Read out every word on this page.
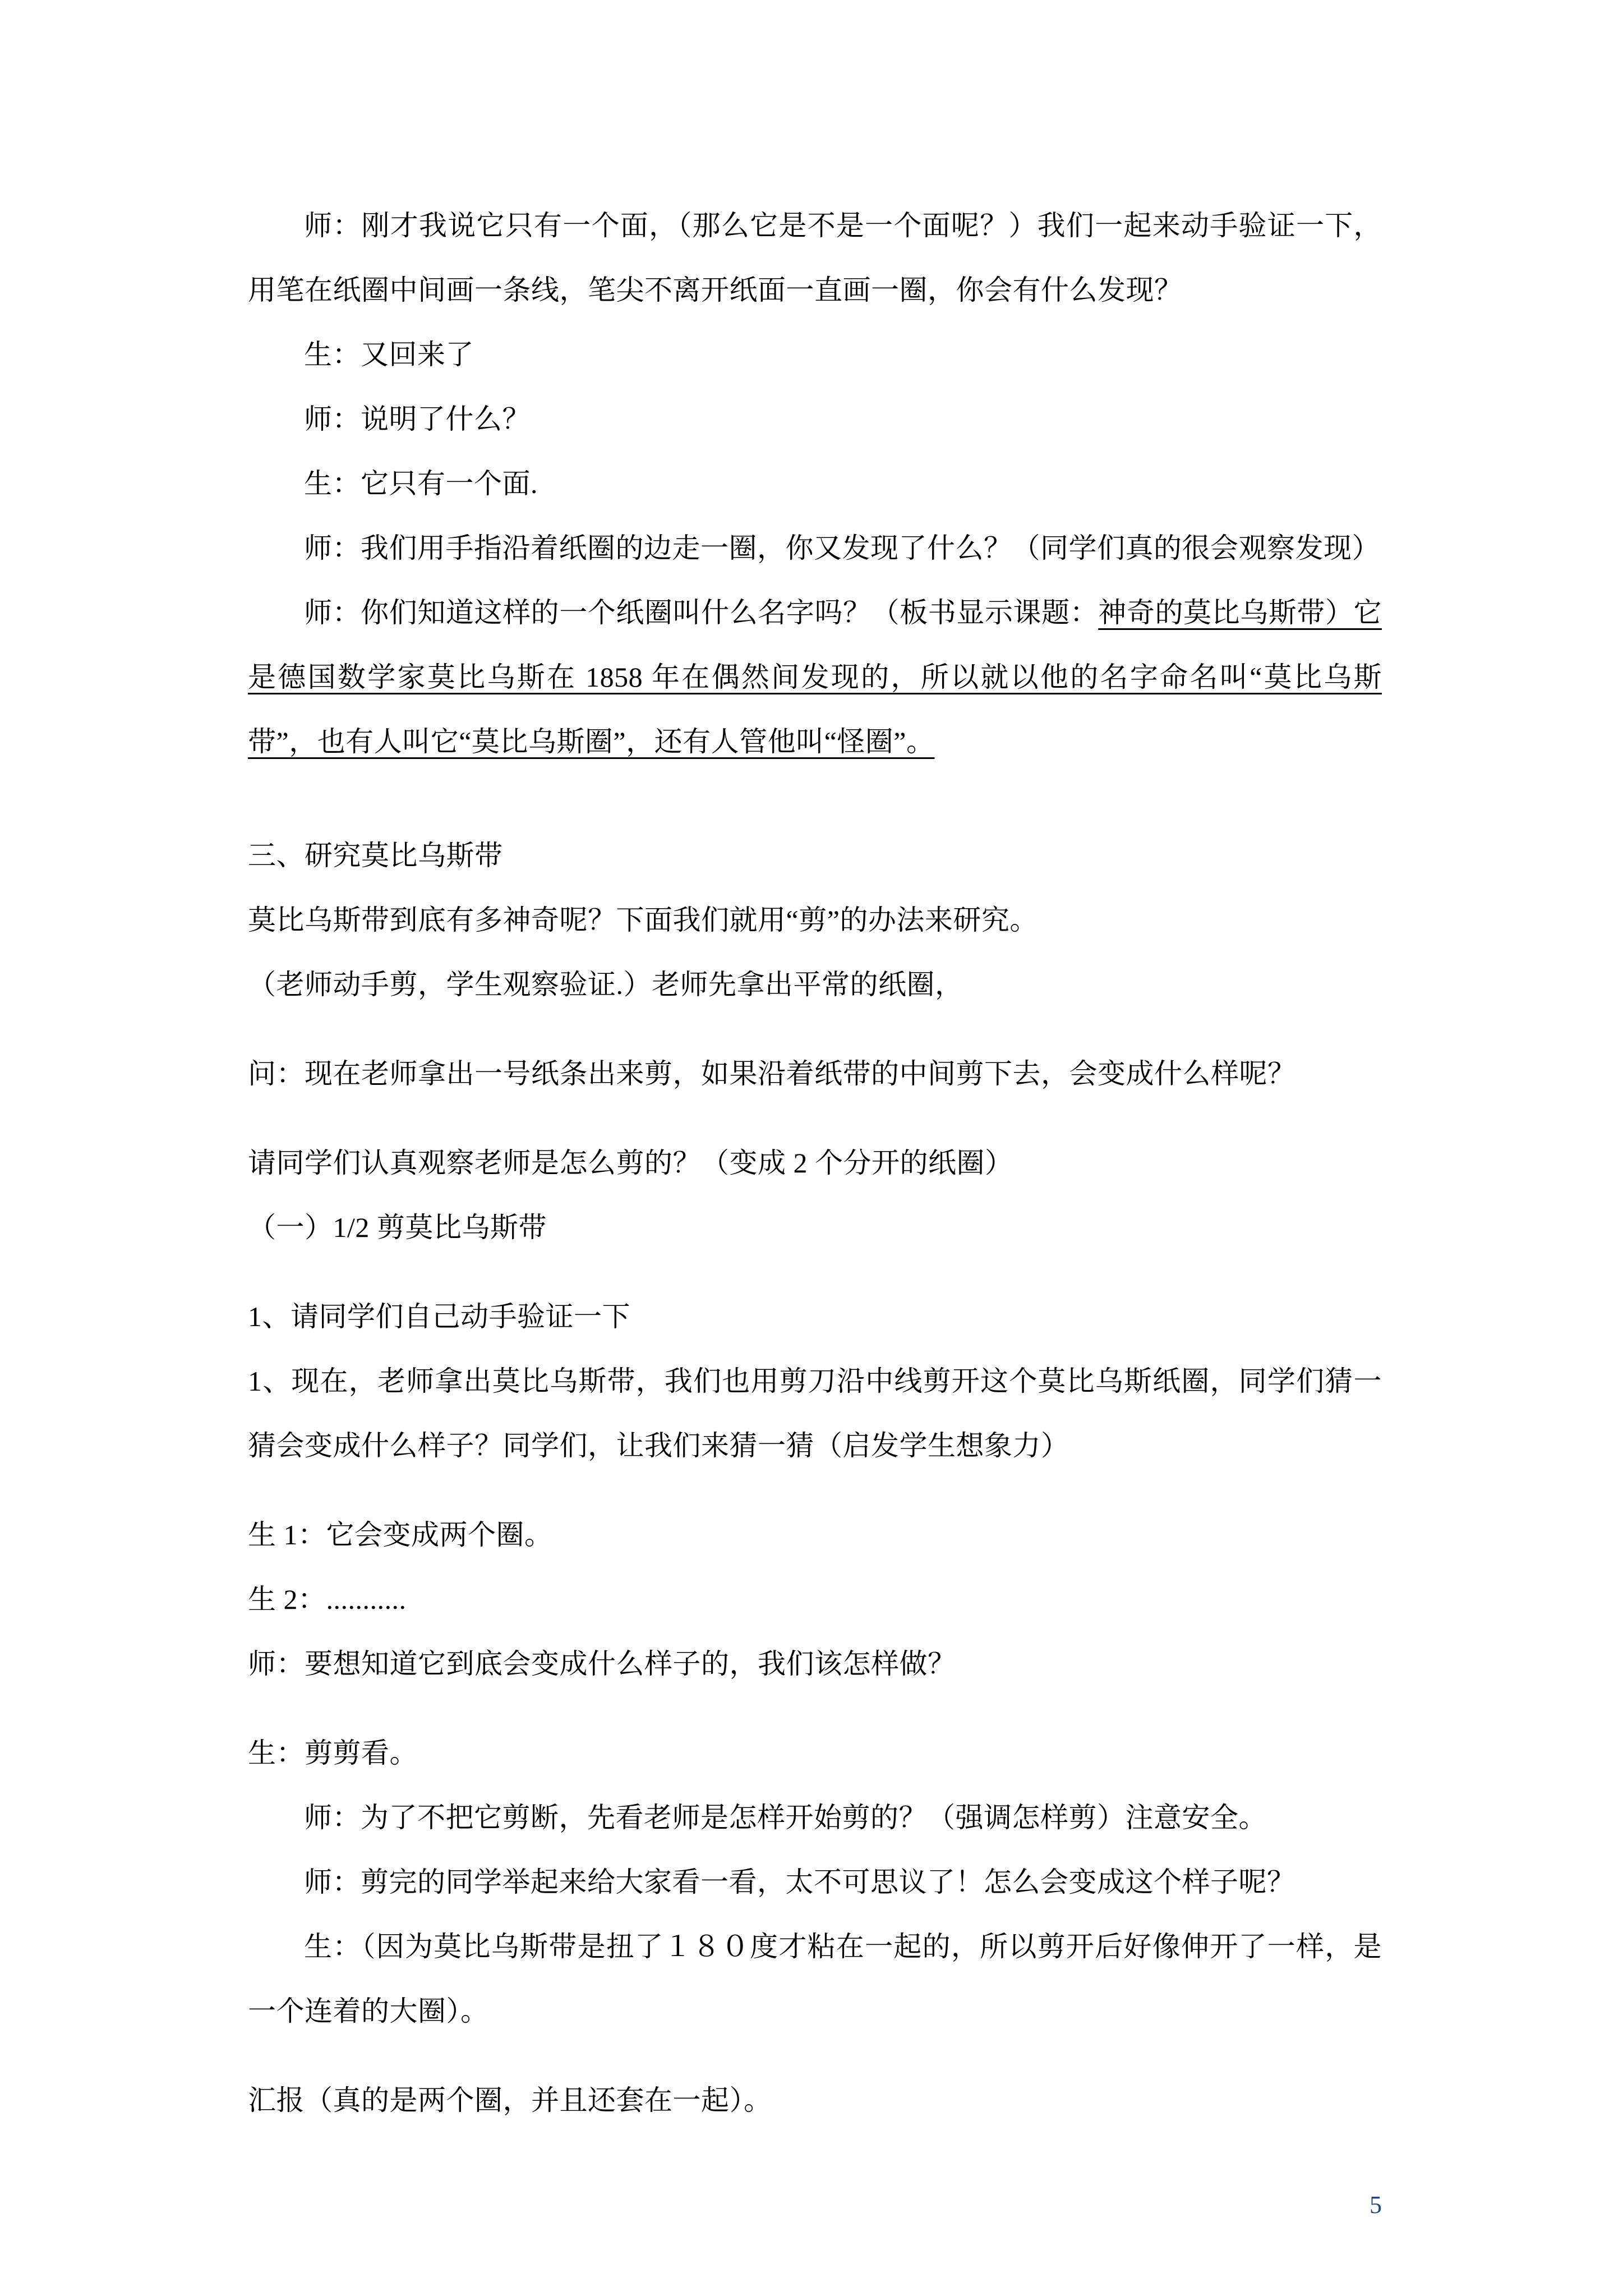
师：刚才我说它只有一个面，（那么它是不是一个面呢？）我们一起来动手验证一下，用笔在纸圈中间画一条线，笔尖不离开纸面一直画一圈，你会有什么发现？

生：又回来了

师：说明了什么？

生：它只有一个面.

师：我们用手指沿着纸圈的边走一圈，你又发现了什么？（同学们真的很会观察发现）

师：你们知道这样的一个纸圈叫什么名字吗？（板书显示课题：神奇的莫比乌斯带）它是德国数学家莫比乌斯在 1858 年在偶然间发现的，所以就以他的名字命名叫“莫比乌斯带”，也有人叫它“莫比乌斯圈”，还有人管他叫“怪圈”。

三、研究莫比乌斯带

莫比乌斯带到底有多神奇呢？下面我们就用“剪”的办法来研究。

（老师动手剪，学生观察验证.）老师先拿出平常的纸圈，

问：现在老师拿出一号纸条出来剪，如果沿着纸带的中间剪下去，会变成什么样呢？

请同学们认真观察老师是怎么剪的？（变成 2 个分开的纸圈）

（一）1/2 剪莫比乌斯带

1、请同学们自己动手验证一下

1、现在，老师拿出莫比乌斯带，我们也用剪刀沿中线剪开这个莫比乌斯纸圈，同学们猜一猜会变成什么样子？同学们，让我们来猜一猜（启发学生想象力）

生 1：它会变成两个圈。

生 2：...........

师：要想知道它到底会变成什么样子的，我们该怎样做？

生：剪剪看。

师：为了不把它剪断，先看老师是怎样开始剪的？（强调怎样剪）注意安全。

师：剪完的同学举起来给大家看一看，太不可思议了！怎么会变成这个样子呢？

生：（因为莫比乌斯带是扭了１８０度才粘在一起的，所以剪开后好像伸开了一样，是一个连着的大圈）。

汇报（真的是两个圈，并且还套在一起）。

5
